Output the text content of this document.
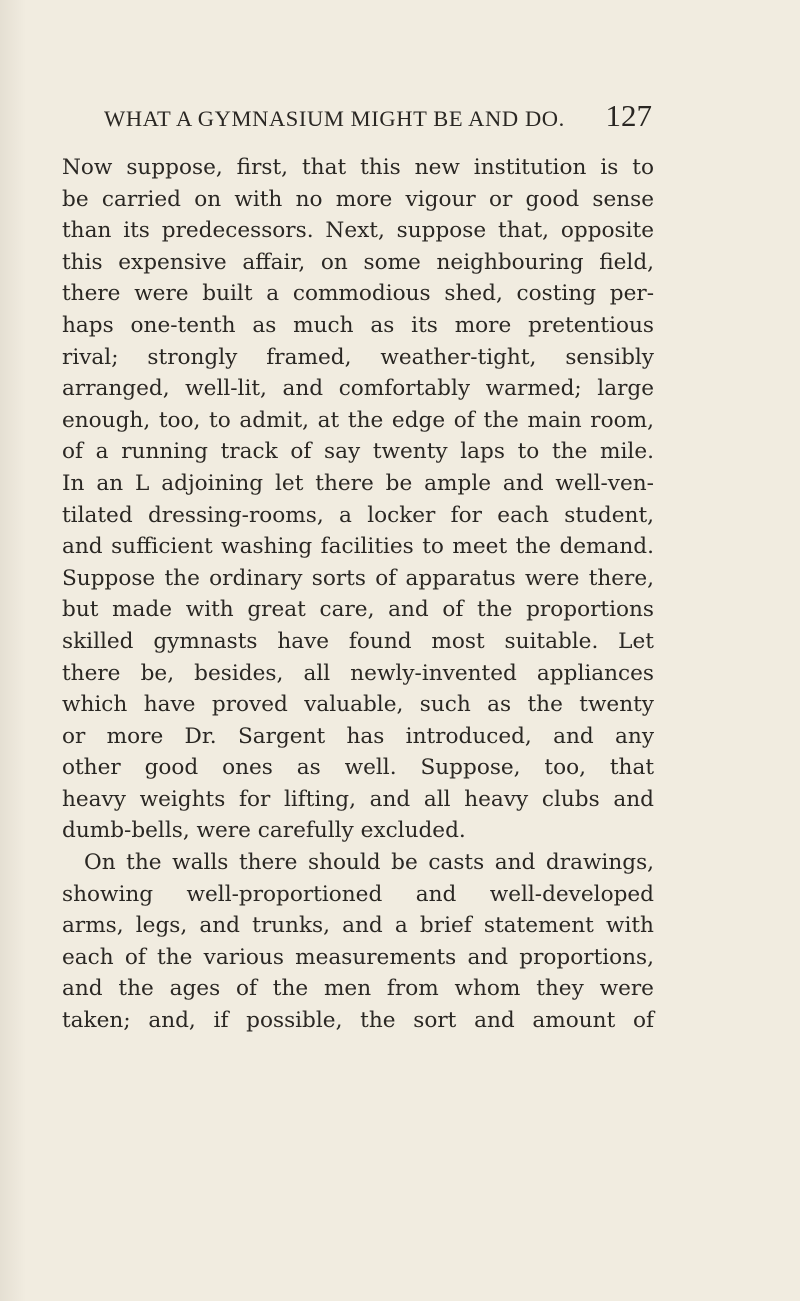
WHAT A GYMNASIUM MIGHT BE AND DO. 127
Now suppose, first, that this new institution is to
be carried on with no more vigour or good sense
than its predecessors. Next, suppose that, opposite
this expensive affair, on some neighbouring field,
there were built a commodious shed, costing per-
haps one-tenth as much as its more pretentious
rival; strongly framed, weather-tight, sensibly
arranged, well-lit, and comfortably warmed; large
enough, too, to admit, at the edge of the main room,
of a running track of say twenty laps to the mile.
In an L adjoining let there be ample and well-ven-
tilated dressing-rooms, a locker for each student,
and sufficient washing facilities to meet the demand.
Suppose the ordinary sorts of apparatus were there,
but made with great care, and of the proportions
skilled gymnasts have found most suitable. Let
there be, besides, all newly-invented appliances
which have proved valuable, such as the twenty
or more Dr. Sargent has introduced, and any
other good ones as well. Suppose, too, that
heavy weights for lifting, and all heavy clubs and
dumb-bells, were carefully excluded.
On the walls there should be casts and drawings,
showing well-proportioned and well-developed
arms, legs, and trunks, and a brief statement with
each of the various measurements and proportions,
and the ages of the men from whom they were
taken; and, if possible, the sort and amount of
